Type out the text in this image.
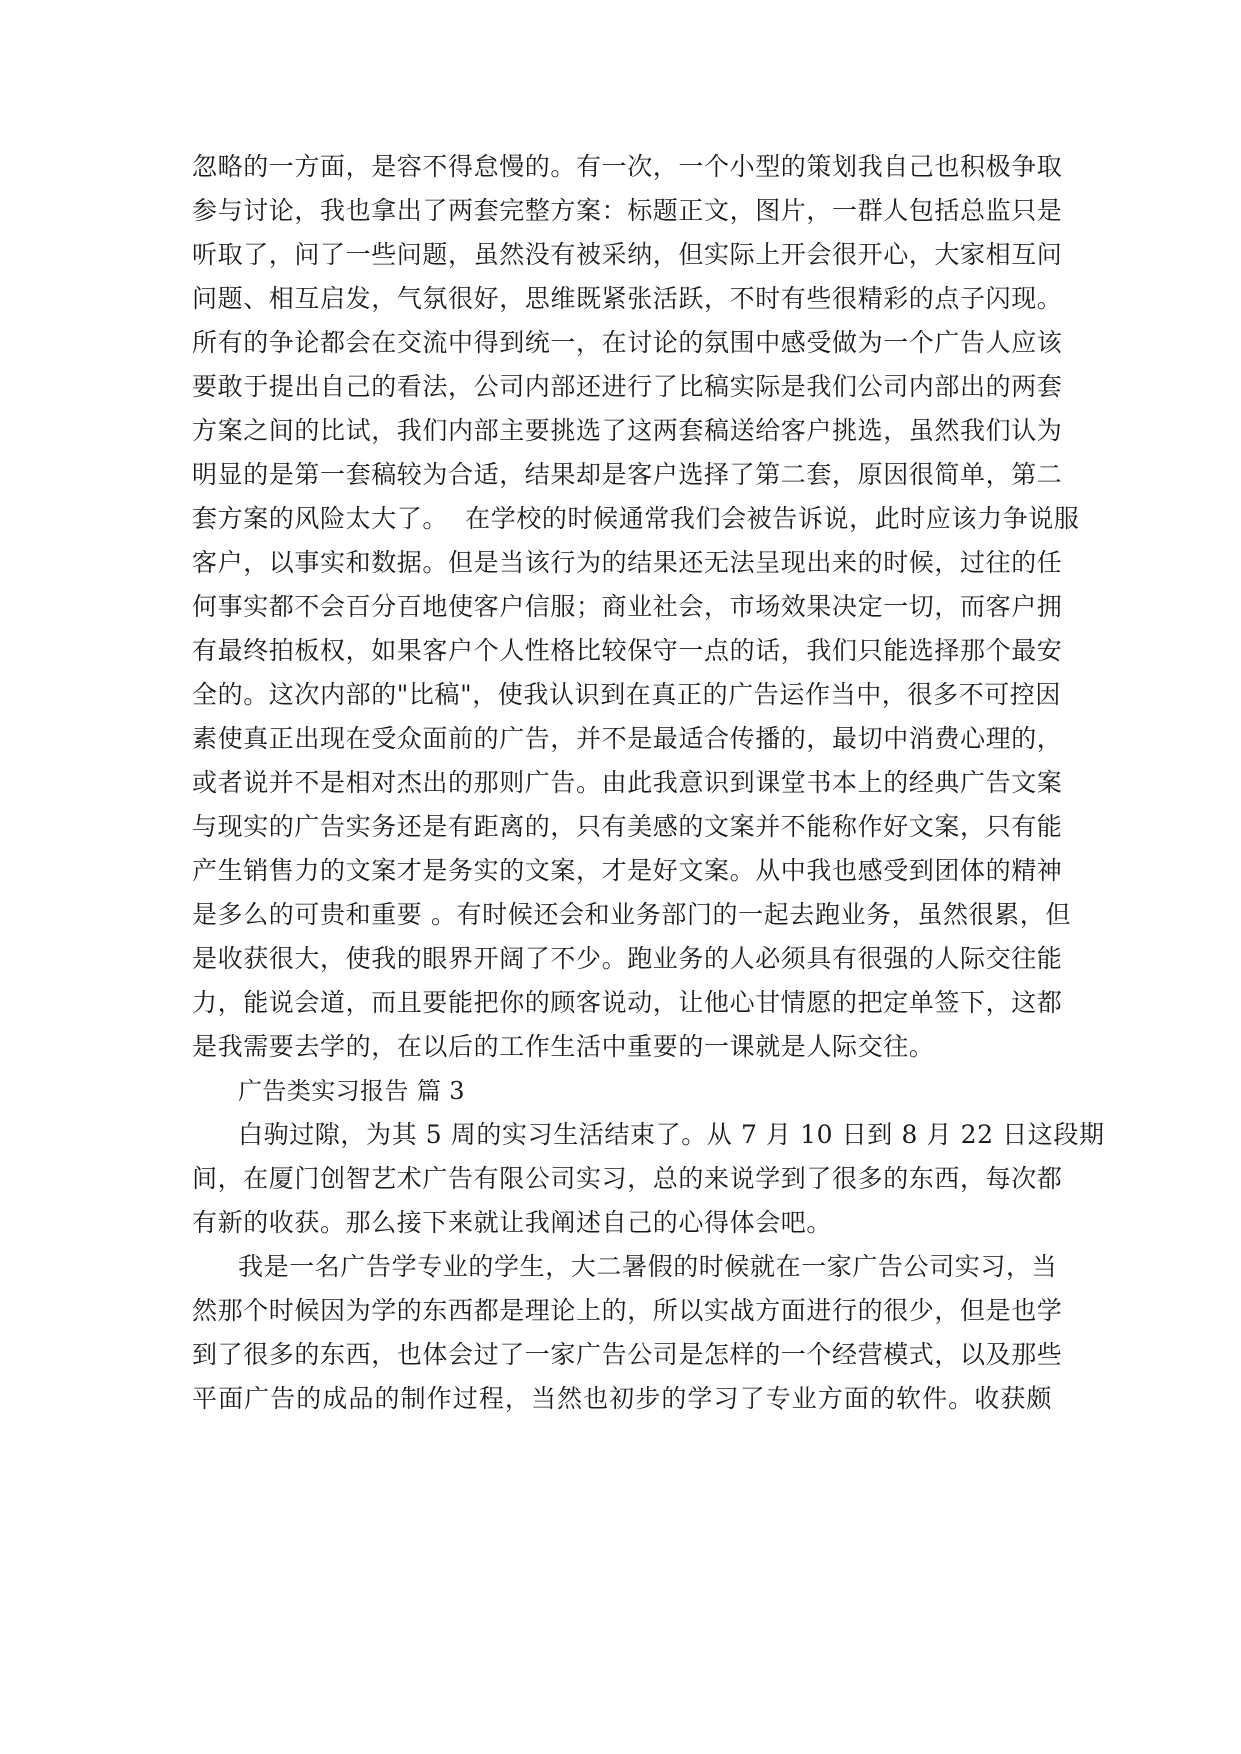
忽略的一方面，是容不得怠慢的。有一次，一个小型的策划我自己也积极争取
参与讨论，我也拿出了两套完整方案：标题正文，图片，一群人包括总监只是
听取了，问了一些问题，虽然没有被采纳，但实际上开会很开心，大家相互问
问题、相互启发，气氛很好，思维既紧张活跃，不时有些很精彩的点子闪现。
所有的争论都会在交流中得到统一，在讨论的氛围中感受做为一个广告人应该
要敢于提出自己的看法，公司内部还进行了比稿实际是我们公司内部出的两套
方案之间的比试，我们内部主要挑选了这两套稿送给客户挑选，虽然我们认为
明显的是第一套稿较为合适，结果却是客户选择了第二套，原因很简单，第二
套方案的风险太大了。  在学校的时候通常我们会被告诉说，此时应该力争说服
客户，以事实和数据。但是当该行为的结果还无法呈现出来的时候，过往的任
何事实都不会百分百地使客户信服；商业社会，市场效果决定一切，而客户拥
有最终拍板权，如果客户个人性格比较保守一点的话，我们只能选择那个最安
全的。这次内部的"比稿"，使我认识到在真正的广告运作当中，很多不可控因
素使真正出现在受众面前的广告，并不是最适合传播的，最切中消费心理的，
或者说并不是相对杰出的那则广告。由此我意识到课堂书本上的经典广告文案
与现实的广告实务还是有距离的，只有美感的文案并不能称作好文案，只有能
产生销售力的文案才是务实的文案，才是好文案。从中我也感受到团体的精神
是多么的可贵和重要 。有时候还会和业务部门的一起去跑业务，虽然很累，但
是收获很大，使我的眼界开阔了不少。跑业务的人必须具有很强的人际交往能
力，能说会道，而且要能把你的顾客说动，让他心甘情愿的把定单签下，这都
是我需要去学的，在以后的工作生活中重要的一课就是人际交往。
广告类实习报告 篇 3
白驹过隙，为其 5 周的实习生活结束了。从 7 月 10 日到 8 月 22 日这段期
间，在厦门创智艺术广告有限公司实习，总的来说学到了很多的东西，每次都
有新的收获。那么接下来就让我阐述自己的心得体会吧。
我是一名广告学专业的学生，大二暑假的时候就在一家广告公司实习，当
然那个时候因为学的东西都是理论上的，所以实战方面进行的很少，但是也学
到了很多的东西，也体会过了一家广告公司是怎样的一个经营模式，以及那些
平面广告的成品的制作过程，当然也初步的学习了专业方面的软件。收获颇
